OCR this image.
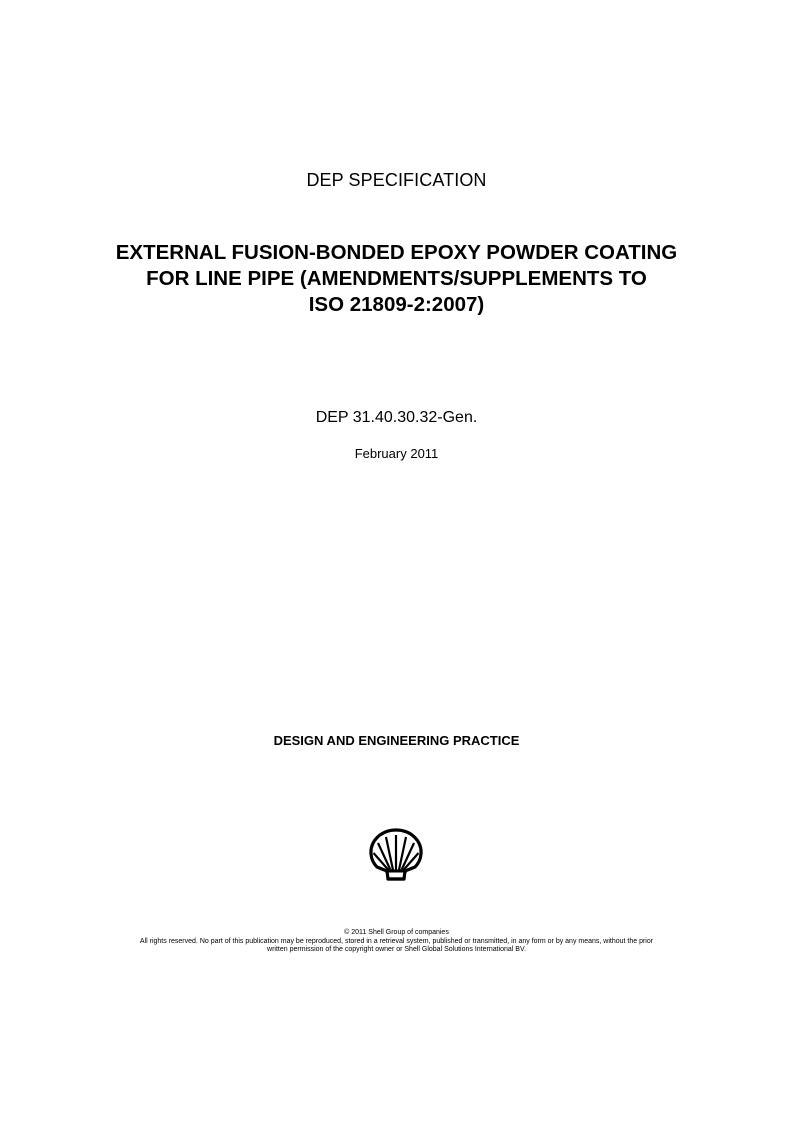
DEP SPECIFICATION
EXTERNAL FUSION-BONDED EPOXY POWDER COATING
FOR LINE PIPE (AMENDMENTS/SUPPLEMENTS TO
ISO 21809-2:2007)
DEP 31.40.30.32-Gen.
February 2011
DESIGN AND ENGINEERING PRACTICE
© 2011 Shell Group of companies
All rights reserved. No part of this publication may be reproduced, stored in a retrieval system, published or transmitted, in any form or by any means, without the prior
written permission of the copyright owner or Shell Global Solutions International BV.
